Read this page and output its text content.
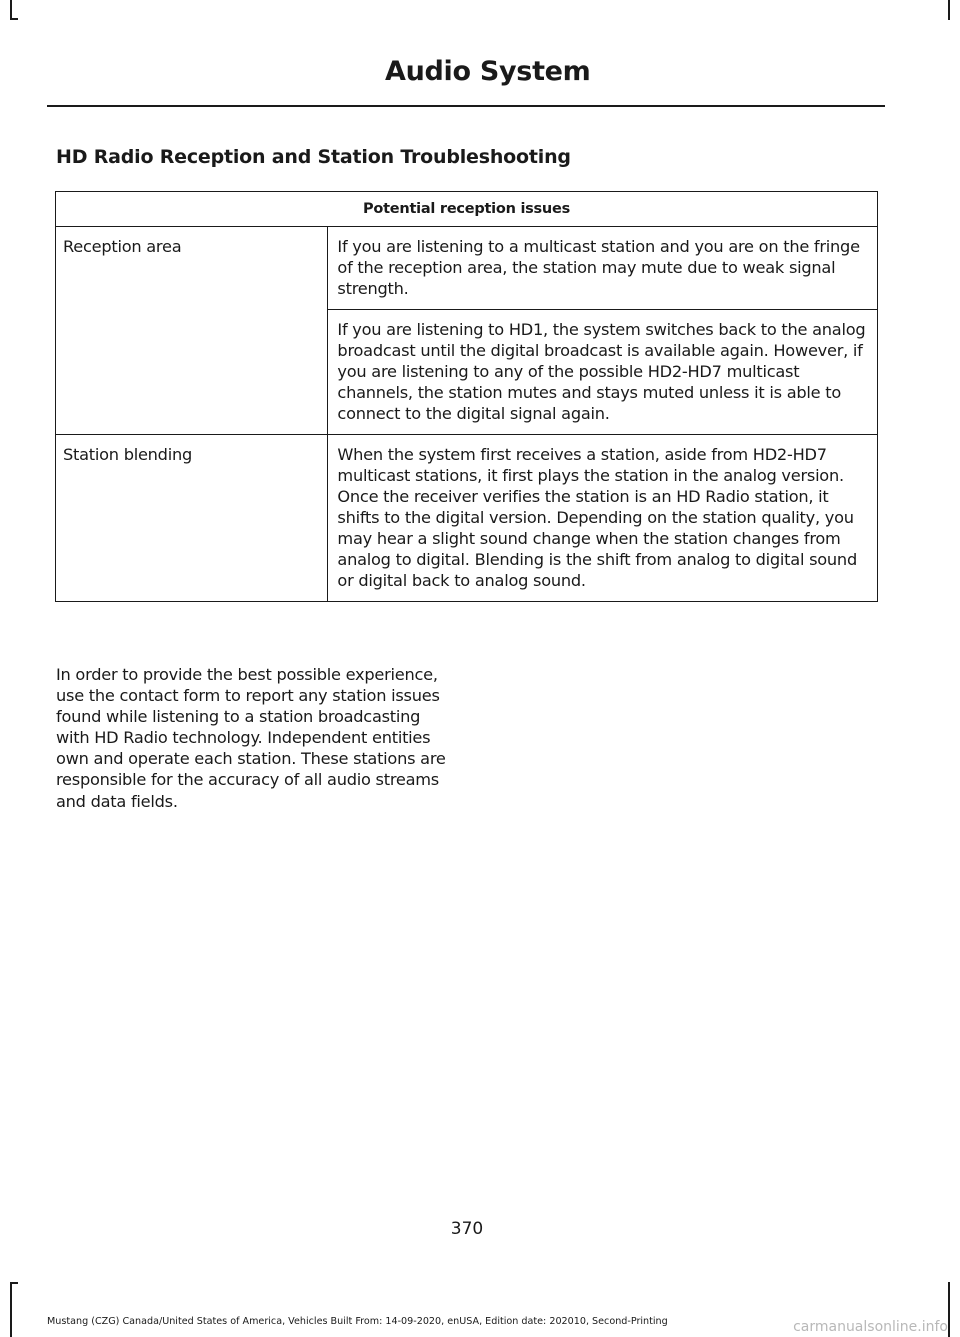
Audio System
HD Radio Reception and Station Troubleshooting
Potential reception issues	
Reception area	If you are listening to a multicast station and you are on the fringe of the reception area, the station may mute due to weak signal strength.
	If you are listening to HD1, the system switches back to the analog broadcast until the digital broadcast is available again. However, if you are listening to any of the possible HD2-HD7 multicast channels, the station mutes and stays muted unless it is able to connect to the digital signal again.
Station blending	When the system first receives a station, aside from HD2-HD7 multicast stations, it first plays the station in the analog version. Once the receiver verifies the station is an HD Radio station, it shifts to the digital version. Depending on the station quality, you may hear a slight sound change when the station changes from analog to digital. Blending is the shift from analog to digital sound or digital back to analog sound.
In order to provide the best possible experience, use the contact form to report any station issues found while listening to a station broadcasting with HD Radio technology. Independent entities own and operate each station. These stations are responsible for the accuracy of all audio streams and data fields.
370
Mustang (CZG) Canada/United States of America, Vehicles Built From: 14-09-2020, enUSA, Edition date: 202010, Second-Printing	carmanualsonline.info
